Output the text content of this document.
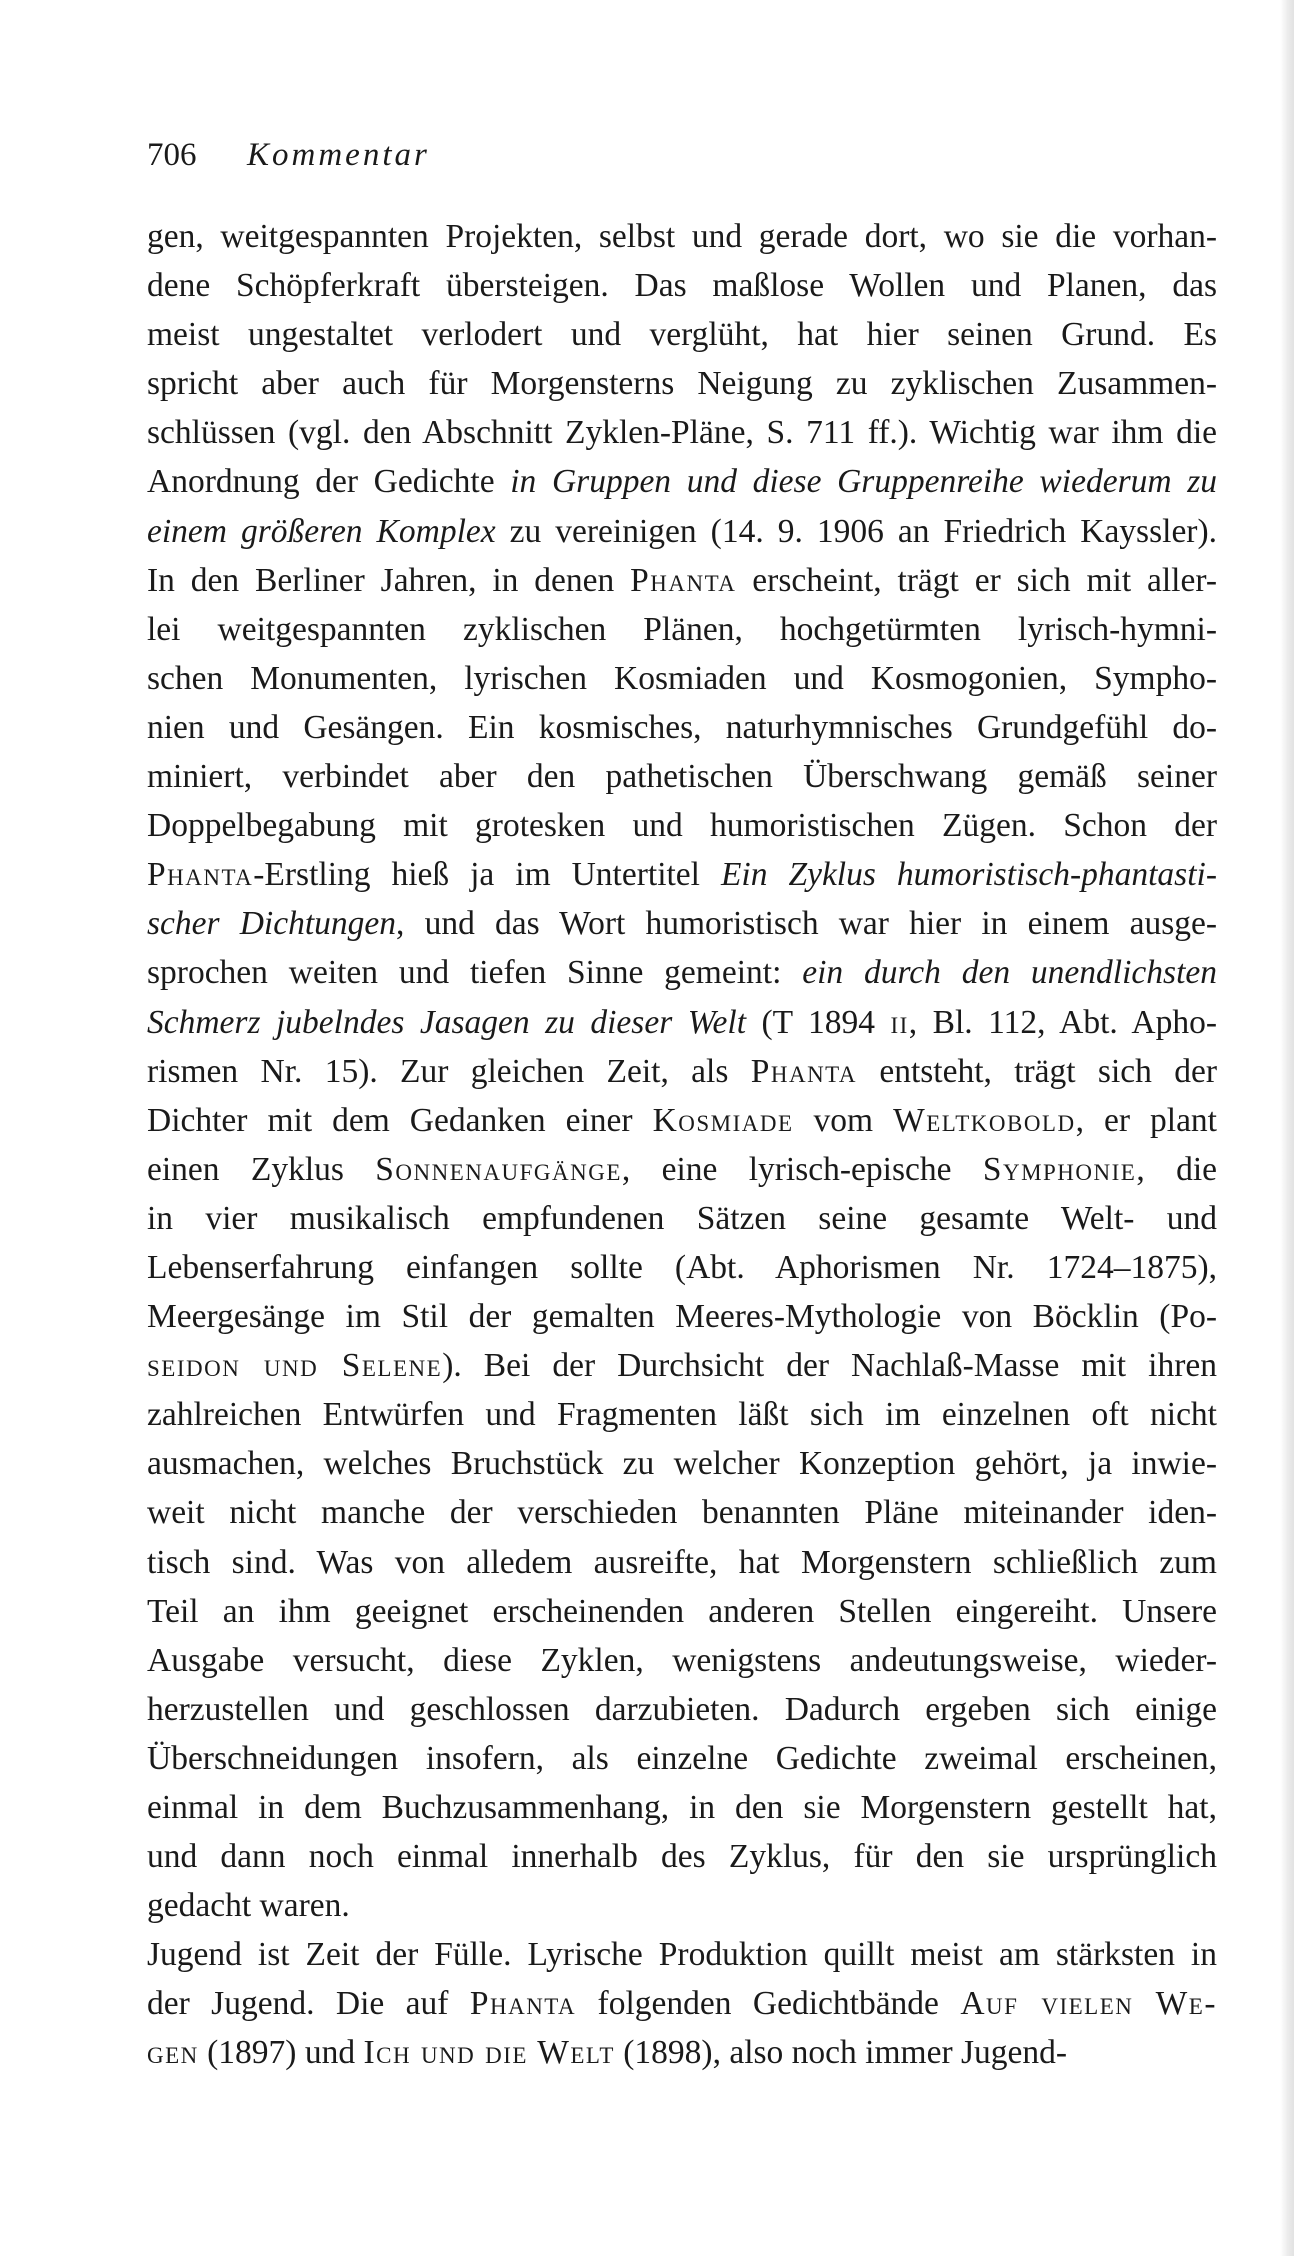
706 Kommentar
gen, weitgespannten Projekten, selbst und gerade dort, wo sie die vorhan-
dene Schöpferkraft übersteigen. Das maßlose Wollen und Planen, das
meist ungestaltet verlodert und verglüht, hat hier seinen Grund. Es
spricht aber auch für Morgensterns Neigung zu zyklischen Zusammen-
schlüssen (vgl. den Abschnitt Zyklen-Pläne, S. 711 ff.). Wichtig war ihm die
Anordnung der Gedichte in Gruppen und diese Gruppenreihe wiederum zu
einem größeren Komplex zu vereinigen (14. 9. 1906 an Friedrich Kayssler).
In den Berliner Jahren, in denen Phanta erscheint, trägt er sich mit aller-
lei weitgespannten zyklischen Plänen, hochgetürmten lyrisch-hymni-
schen Monumenten, lyrischen Kosmiaden und Kosmogonien, Sympho-
nien und Gesängen. Ein kosmisches, naturhymnisches Grundgefühl do-
miniert, verbindet aber den pathetischen Überschwang gemäß seiner
Doppelbegabung mit grotesken und humoristischen Zügen. Schon der
Phanta-Erstling hieß ja im Untertitel Ein Zyklus humoristisch-phantasti-
scher Dichtungen, und das Wort humoristisch war hier in einem ausge-
sprochen weiten und tiefen Sinne gemeint: ein durch den unendlichsten
Schmerz jubelndes Jasagen zu dieser Welt (T 1894 ii, Bl. 112, Abt. Apho-
rismen Nr. 15). Zur gleichen Zeit, als Phanta entsteht, trägt sich der
Dichter mit dem Gedanken einer Kosmiade vom Weltkobold, er plant
einen Zyklus Sonnenaufgänge, eine lyrisch-epische Symphonie, die
in vier musikalisch empfundenen Sätzen seine gesamte Welt- und
Lebenserfahrung einfangen sollte (Abt. Aphorismen Nr. 1724–1875),
Meergesänge im Stil der gemalten Meeres-Mythologie von Böcklin (Po-
seidon und Selene). Bei der Durchsicht der Nachlaß-Masse mit ihren
zahlreichen Entwürfen und Fragmenten läßt sich im einzelnen oft nicht
ausmachen, welches Bruchstück zu welcher Konzeption gehört, ja inwie-
weit nicht manche der verschieden benannten Pläne miteinander iden-
tisch sind. Was von alledem ausreifte, hat Morgenstern schließlich zum
Teil an ihm geeignet erscheinenden anderen Stellen eingereiht. Unsere
Ausgabe versucht, diese Zyklen, wenigstens andeutungsweise, wieder-
herzustellen und geschlossen darzubieten. Dadurch ergeben sich einige
Überschneidungen insofern, als einzelne Gedichte zweimal erscheinen,
einmal in dem Buchzusammenhang, in den sie Morgenstern gestellt hat,
und dann noch einmal innerhalb des Zyklus, für den sie ursprünglich
gedacht waren.
Jugend ist Zeit der Fülle. Lyrische Produktion quillt meist am stärksten in
der Jugend. Die auf Phanta folgenden Gedichtbände Auf vielen We-
gen (1897) und Ich und die Welt (1898), also noch immer Jugend-
